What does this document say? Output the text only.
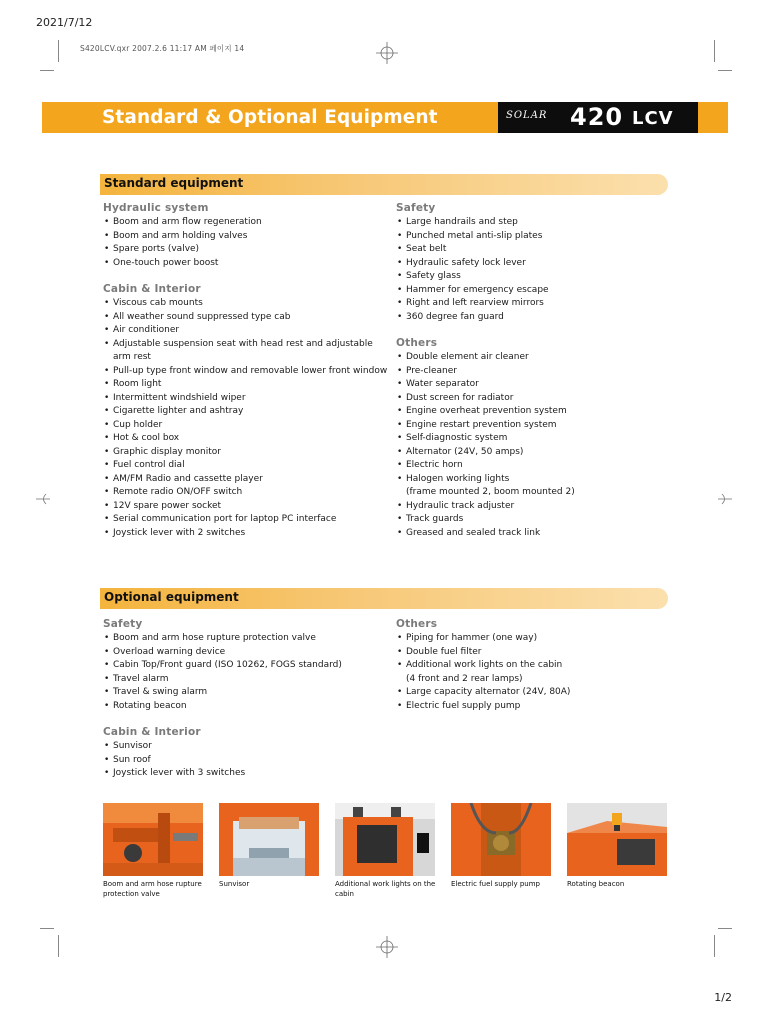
2021/7/12
S420LCV.qxr 2007.2.6 11:17 AM 페이지 14
Standard & Optional Equipment	SOLAR 420 LCV
Standard equipment
Hydraulic system
• Boom and arm flow regeneration
• Boom and arm holding valves
• Spare ports (valve)
• One-touch power boost
Cabin & Interior
• Viscous cab mounts
• All weather sound suppressed type cab
• Air conditioner
• Adjustable suspension seat with head rest and adjustable
arm rest
• Pull-up type front window and removable lower front window
• Room light
• Intermittent windshield wiper
• Cigarette lighter and ashtray
• Cup holder
• Hot & cool box
• Graphic display monitor
• Fuel control dial
• AM/FM Radio and cassette player
• Remote radio ON/OFF switch
• 12V spare power socket
• Serial communication port for laptop PC interface
• Joystick lever with 2 switches
Safety
• Large handrails and step
• Punched metal anti-slip plates
• Seat belt
• Hydraulic safety lock lever
• Safety glass
• Hammer for emergency escape
• Right and left rearview mirrors
• 360 degree fan guard
Others
• Double element air cleaner
• Pre-cleaner
• Water separator
• Dust screen for radiator
• Engine overheat prevention system
• Engine restart prevention system
• Self-diagnostic system
• Alternator (24V, 50 amps)
• Electric horn
• Halogen working lights
(frame mounted 2, boom mounted 2)
• Hydraulic track adjuster
• Track guards
• Greased and sealed track link
Optional equipment
Safety
• Boom and arm hose rupture protection valve
• Overload warning device
• Cabin Top/Front guard (ISO 10262, FOGS standard)
• Travel alarm
• Travel & swing alarm
• Rotating beacon
Cabin & Interior
• Sunvisor
• Sun roof
• Joystick lever with 3 switches
Others
• Piping for hammer (one way)
• Double fuel filter
• Additional work lights on the cabin
(4 front and 2 rear lamps)
• Large capacity alternator (24V, 80A)
• Electric fuel supply pump
Boom and arm hose rupture
protection valve
Sunvisor	Additional work lights on the
cabin
Electric fuel supply pump	Rotating beacon
1/2
